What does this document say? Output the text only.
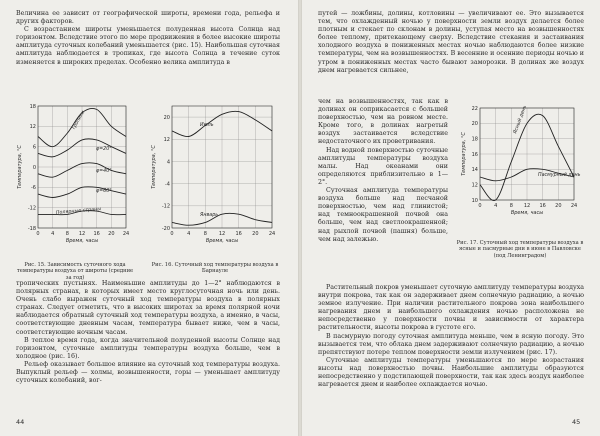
Величина ее зависит от географической широты, времени года, рельефа и других факторов.

С возрастанием широты уменьшается полуденная высота Солнца над горизонтом. Вследствие этого по мере продвижения в более высокие широты амплитуда суточных колебаний уменьшается (рис. 15). Наибольшая суточная амплитуда наблюдается в тропиках, где высота Солнца в течение суток изменяется в широких пределах. Особенно велика амплитуда в

-18
-12
-6
0
6
12
18
0 4 8 12 16 20 24
Тропики
φ=20°
φ=40°
φ=60°
Полярные страны
Температура, °C
Время, часы

Рис. 15. Зависимость суточного хода температуры воздуха от широты (средние за год)

-20
-12
-4
4
12
20
0	4	8 12 16 20 24
Июль
Январь
Температура, °C
Время, часы

Рис. 16. Суточный ход температуры воздуха в Барнауле

тропических пустынях. Наименьшие амплитуды до 1—2° наблюдаются в полярных странах, в которых имеет место круглосуточная ночь или день. Очень слабо выражен суточный ход температуры воздуха в полярных странах. Следует отметить, что в высоких широтах за время полярной ночи наблюдается обратный суточный ход температуры воздуха, а именно, в часы, соответствующие дневным часам, температура бывает ниже, чем в часы, соответствующие ночным часам.

В теплое время года, когда значительной полуденной высоты Солнце над горизонтом, суточные амплитуды температуры воздуха больше, чем в холодное (рис. 16).

Рельеф оказывает большое влияние на суточный ход температуры воздуха. Выпуклый рельеф — холмы, возвышенности, горы — уменьшает амплитуду суточных колебаний, вог-

44

путей — ложбины, долины, котловины — увеличивают ее. Это вызывается тем, что охлажденный ночью у поверхности земли воздух делается более плотным и стекает по склонам в долины, уступая место на возвышенностях более теплому, притекающему сверху. Вследствие стекания и застаивания холодного воздуха в пониженных местах ночью наблюдаются более низкие температуры, чем на возвышенностях. В весенние и осенние периоды ночью и утром в пониженных местах часто бывают заморозки. В долинах же воздух днем нагревается сильнее,

чем на возвышенностях, так как в долинах он соприкасается с большей поверхностью, чем на ровном месте. Кроме того, в долинах нагретый воздух застаивается вследствие недостаточного их проветривания.

Над водной поверхностью суточные амплитуды температуры воздуха малы. Над океанами они определяются приблизительно в 1—2°.

Суточная амплитуда температуры воздуха больше над песчаной поверхностью, чем над глинистой; над темноокрашенной почвой она больше, чем над светлоокрашенной; над рыхлой почвой (пашня) больше, чем над залежью.

10
12
14
16
18
20
22
0 4 8 12 16 20 24
Ясный день
Пасмурный день
Температура, °C
Время, часы

Рис. 17. Суточный ход температуры воздуха в ясные и пасмурные дни в июне в Павловске (под Ленинградом)

Растительный покров уменьшает суточную амплитуду температуры воздуха внутри покрова, так как он задерживает днем солнечную радиацию, а ночью земное излучение. При наличии растительного покрова зона наибольшего нагревания днем и наибольшего охлаждения ночью расположена не непосредственно у поверхности почвы и зависимости от характера растительности, высоты покрова в густоте его.

В пасмурную погоду суточная амплитуда меньше, чем в ясную погоду. Это вызывается тем, что облака днем задерживают солнечную радиацию, а ночью препятствуют потере теплом поверхности земли излучением (рис. 17).

Суточные амплитуды температуры уменьшаются по мере возрастания высоты над поверхностью почвы. Наибольшие амплитуды образуются непосредственно у подстилающей поверхности, так как здесь воздух наиболее нагревается днем и наиболее охлаждается ночью.

45
